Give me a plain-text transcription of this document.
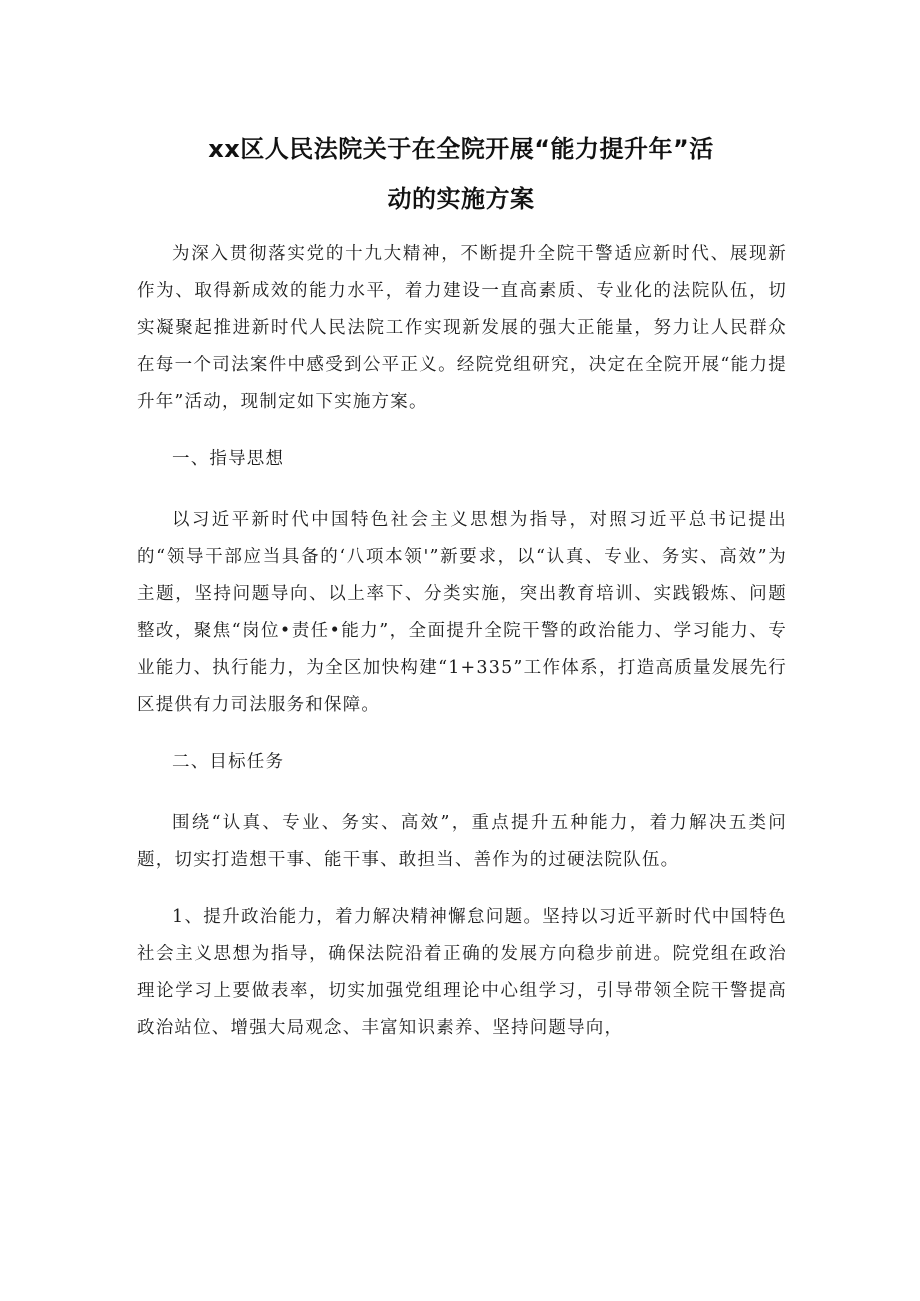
xx区人民法院关于在全院开展“能力提升年”活
动的实施方案

为深入贯彻落实党的十九大精神，不断提升全院干警适应新时代、展现新作为、取得新成效的能力水平，着力建设一直高素质、专业化的法院队伍，切实凝聚起推进新时代人民法院工作实现新发展的强大正能量，努力让人民群众在每一个司法案件中感受到公平正义。经院党组研究，决定在全院开展“能力提升年”活动，现制定如下实施方案。

一、指导思想

以习近平新时代中国特色社会主义思想为指导，对照习近平总书记提出的“领导干部应当具备的‘八项本领'”新要求，以“认真、专业、务实、高效”为主题，坚持问题导向、以上率下、分类实施，突出教育培训、实践锻炼、问题整改，聚焦“岗位•责任•能力”，全面提升全院干警的政治能力、学习能力、专业能力、执行能力，为全区加快构建“1+335”工作体系，打造高质量发展先行区提供有力司法服务和保障。

二、目标任务

围绕“认真、专业、务实、高效”，重点提升五种能力，着力解决五类问题，切实打造想干事、能干事、敢担当、善作为的过硬法院队伍。

1、提升政治能力，着力解决精神懈怠问题。坚持以习近平新时代中国特色社会主义思想为指导，确保法院沿着正确的发展方向稳步前进。院党组在政治理论学习上要做表率，切实加强党组理论中心组学习，引导带领全院干警提高政治站位、增强大局观念、丰富知识素养、坚持问题导向，
